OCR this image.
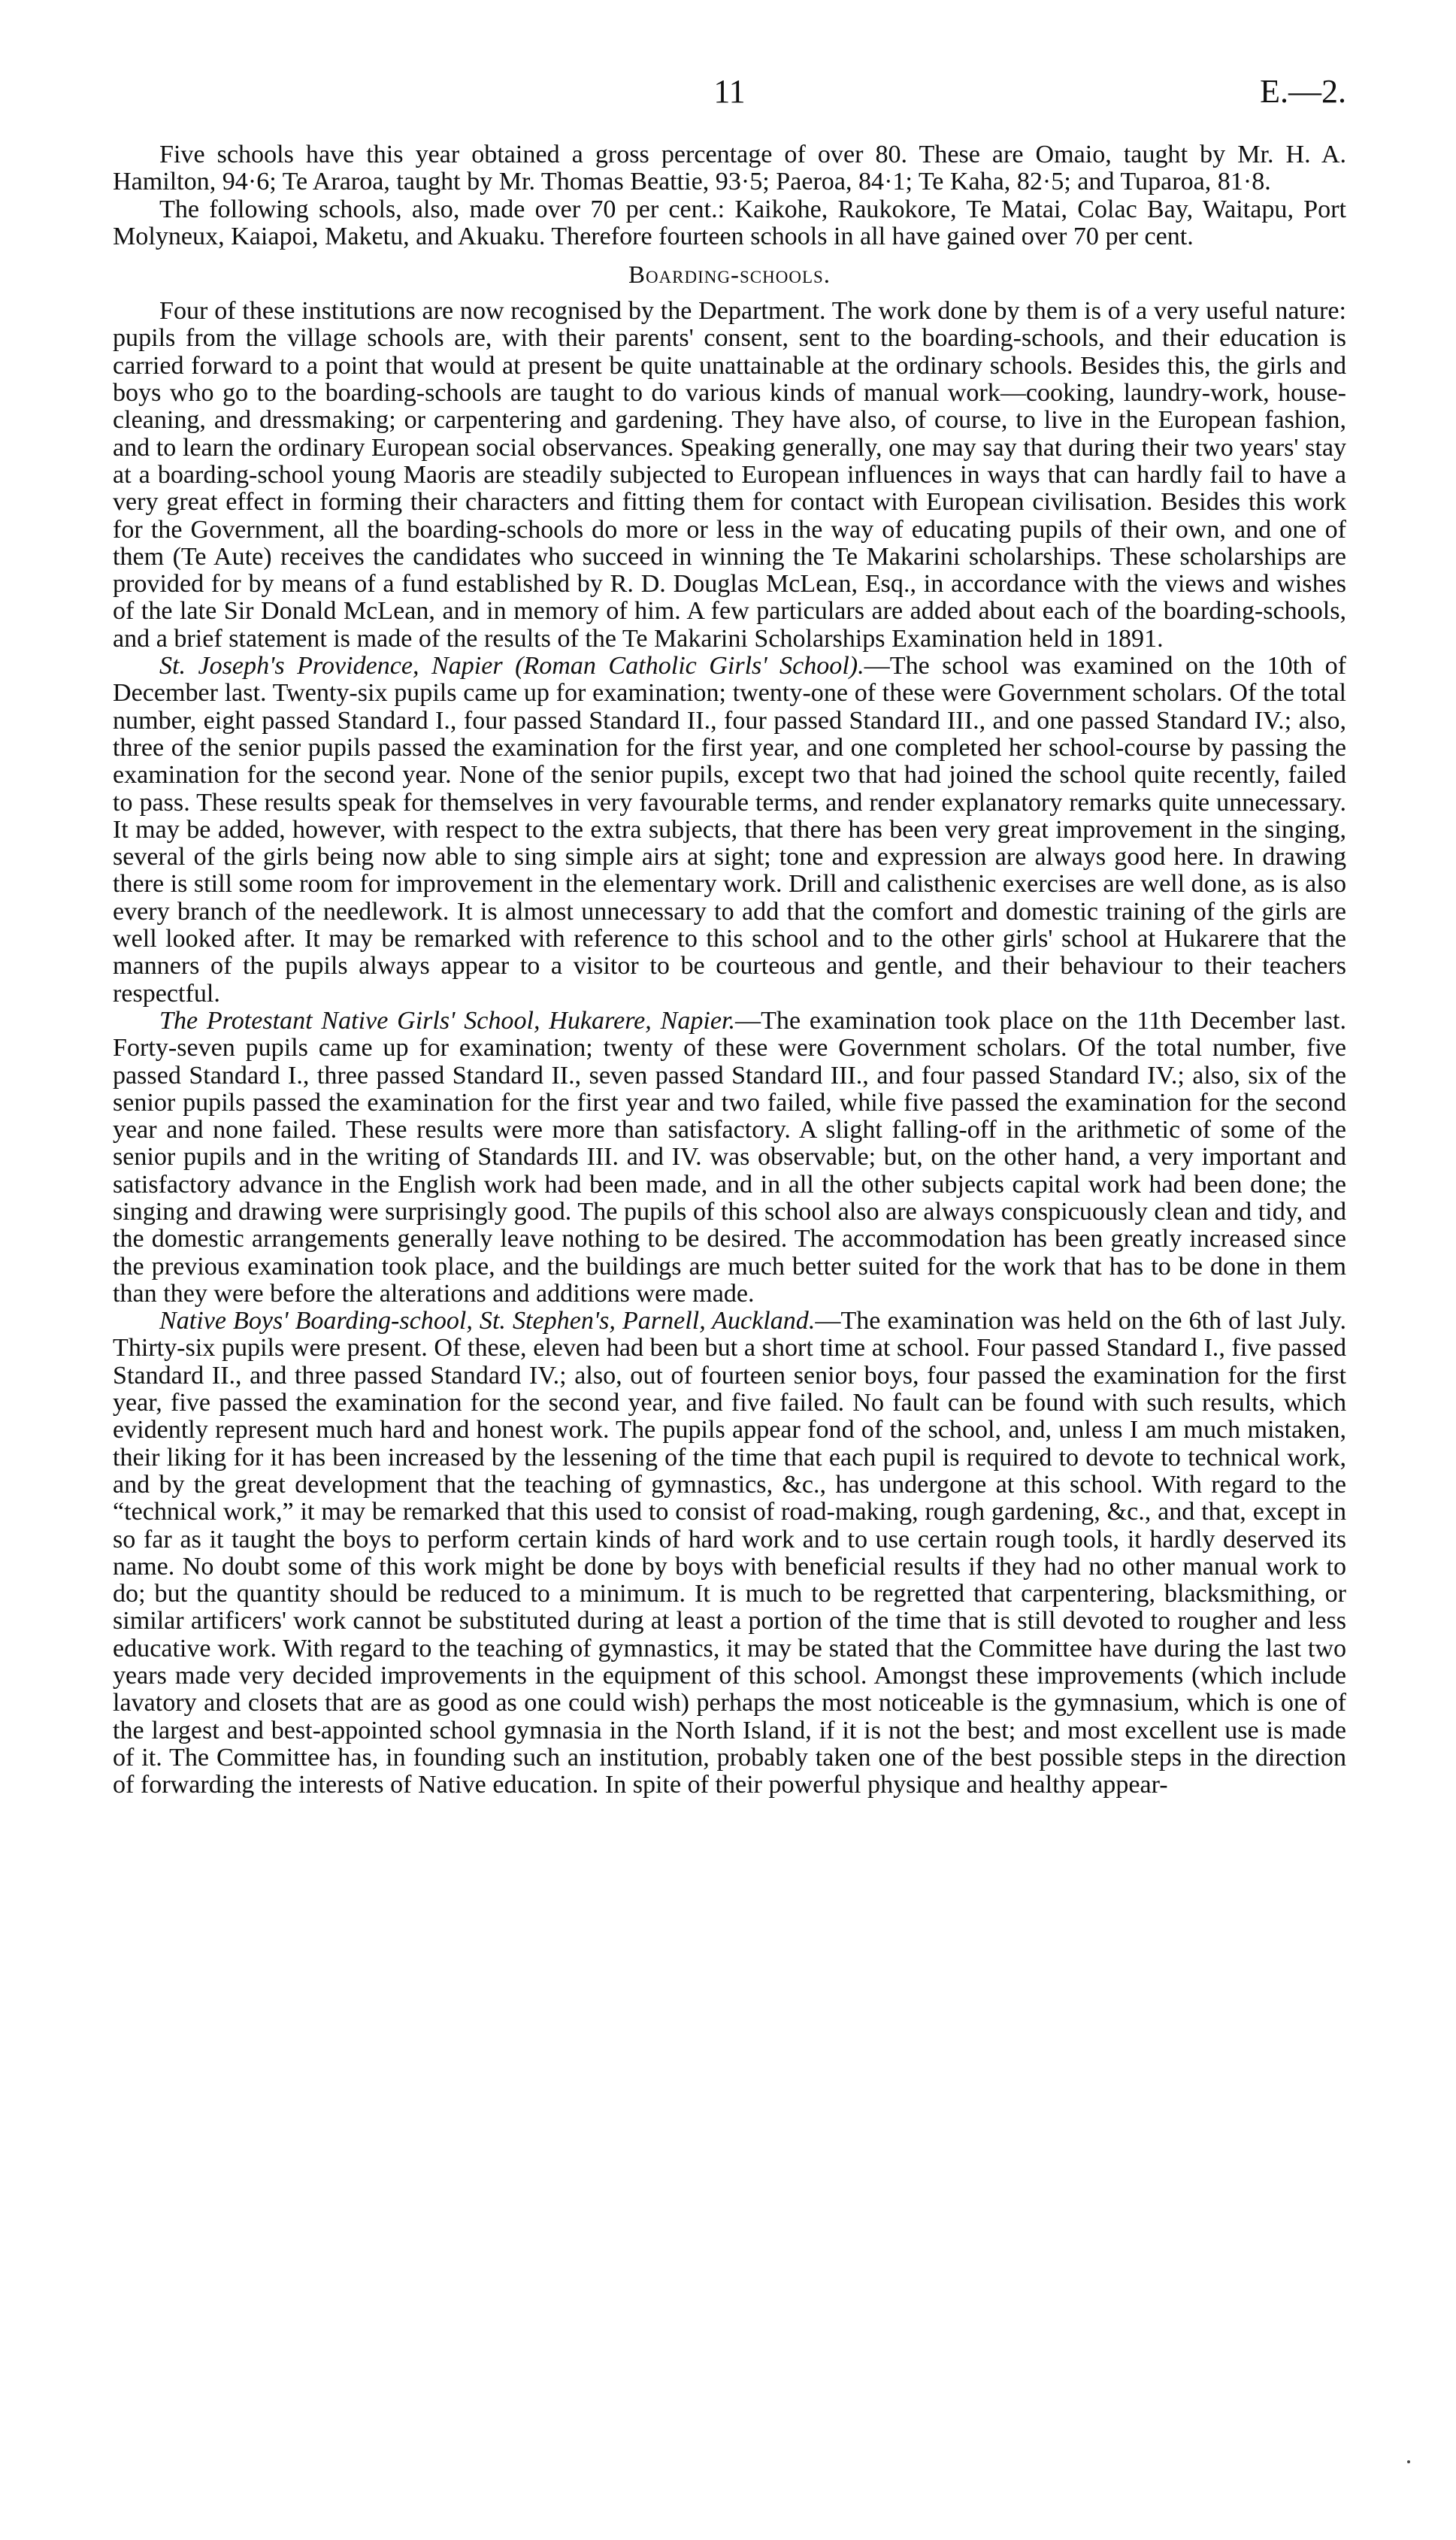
11	E.—2.

Five schools have this year obtained a gross percentage of over 80. These are Omaio, taught by Mr. H. A. Hamilton, 94·6; Te Araroa, taught by Mr. Thomas Beattie, 93·5; Paeroa, 84·1; Te Kaha, 82·5; and Tuparoa, 81·8.

The following schools, also, made over 70 per cent.: Kaikohe, Raukokore, Te Matai, Colac Bay, Waitapu, Port Molyneux, Kaiapoi, Maketu, and Akuaku. Therefore fourteen schools in all have gained over 70 per cent.

Boarding-schools.

Four of these institutions are now recognised by the Department. The work done by them is of a very useful nature: pupils from the village schools are, with their parents' consent, sent to the boarding-schools, and their education is carried forward to a point that would at present be quite unattainable at the ordinary schools. Besides this, the girls and boys who go to the boarding-schools are taught to do various kinds of manual work—cooking, laundry-work, house-cleaning, and dressmaking; or carpentering and gardening. They have also, of course, to live in the European fashion, and to learn the ordinary European social observances. Speaking generally, one may say that during their two years' stay at a boarding-school young Maoris are steadily subjected to European influences in ways that can hardly fail to have a very great effect in forming their characters and fitting them for contact with European civilisation. Besides this work for the Government, all the boarding-schools do more or less in the way of educating pupils of their own, and one of them (Te Aute) receives the candidates who succeed in winning the Te Makarini scholarships. These scholarships are provided for by means of a fund established by R. D. Douglas McLean, Esq., in accordance with the views and wishes of the late Sir Donald McLean, and in memory of him. A few particulars are added about each of the boarding-schools, and a brief statement is made of the results of the Te Makarini Scholarships Examination held in 1891.

St. Joseph's Providence, Napier (Roman Catholic Girls' School).—The school was examined on the 10th of December last. Twenty-six pupils came up for examination; twenty-one of these were Government scholars. Of the total number, eight passed Standard I., four passed Standard II., four passed Standard III., and one passed Standard IV.; also, three of the senior pupils passed the examination for the first year, and one completed her school-course by passing the examination for the second year. None of the senior pupils, except two that had joined the school quite recently, failed to pass. These results speak for themselves in very favourable terms, and render explanatory remarks quite unnecessary. It may be added, however, with respect to the extra subjects, that there has been very great improvement in the singing, several of the girls being now able to sing simple airs at sight; tone and expression are always good here. In drawing there is still some room for improvement in the elementary work. Drill and calisthenic exercises are well done, as is also every branch of the needlework. It is almost unnecessary to add that the comfort and domestic training of the girls are well looked after. It may be remarked with reference to this school and to the other girls' school at Hukarere that the manners of the pupils always appear to a visitor to be courteous and gentle, and their behaviour to their teachers respectful.

The Protestant Native Girls' School, Hukarere, Napier.—The examination took place on the 11th December last. Forty-seven pupils came up for examination; twenty of these were Government scholars. Of the total number, five passed Standard I., three passed Standard II., seven passed Standard III., and four passed Standard IV.; also, six of the senior pupils passed the examination for the first year and two failed, while five passed the examination for the second year and none failed. These results were more than satisfactory. A slight falling-off in the arithmetic of some of the senior pupils and in the writing of Standards III. and IV. was observable; but, on the other hand, a very important and satisfactory advance in the English work had been made, and in all the other subjects capital work had been done; the singing and drawing were surprisingly good. The pupils of this school also are always conspicuously clean and tidy, and the domestic arrangements generally leave nothing to be desired. The accommodation has been greatly increased since the previous examination took place, and the buildings are much better suited for the work that has to be done in them than they were before the alterations and additions were made.

Native Boys' Boarding-school, St. Stephen's, Parnell, Auckland.—The examination was held on the 6th of last July. Thirty-six pupils were present. Of these, eleven had been but a short time at school. Four passed Standard I., five passed Standard II., and three passed Standard IV.; also, out of fourteen senior boys, four passed the examination for the first year, five passed the examination for the second year, and five failed. No fault can be found with such results, which evidently represent much hard and honest work. The pupils appear fond of the school, and, unless I am much mistaken, their liking for it has been increased by the lessening of the time that each pupil is required to devote to technical work, and by the great development that the teaching of gymnastics, &c., has undergone at this school. With regard to the “technical work,” it may be remarked that this used to consist of road-making, rough gardening, &c., and that, except in so far as it taught the boys to perform certain kinds of hard work and to use certain rough tools, it hardly deserved its name. No doubt some of this work might be done by boys with beneficial results if they had no other manual work to do; but the quantity should be reduced to a minimum. It is much to be regretted that carpentering, blacksmithing, or similar artificers' work cannot be substituted during at least a portion of the time that is still devoted to rougher and less educative work. With regard to the teaching of gymnastics, it may be stated that the Committee have during the last two years made very decided improvements in the equipment of this school. Amongst these improvements (which include lavatory and closets that are as good as one could wish) perhaps the most noticeable is the gymnasium, which is one of the largest and best-appointed school gymnasia in the North Island, if it is not the best; and most excellent use is made of it. The Committee has, in founding such an institution, probably taken one of the best possible steps in the direction of forwarding the interests of Native education. In spite of their powerful physique and healthy appear-
